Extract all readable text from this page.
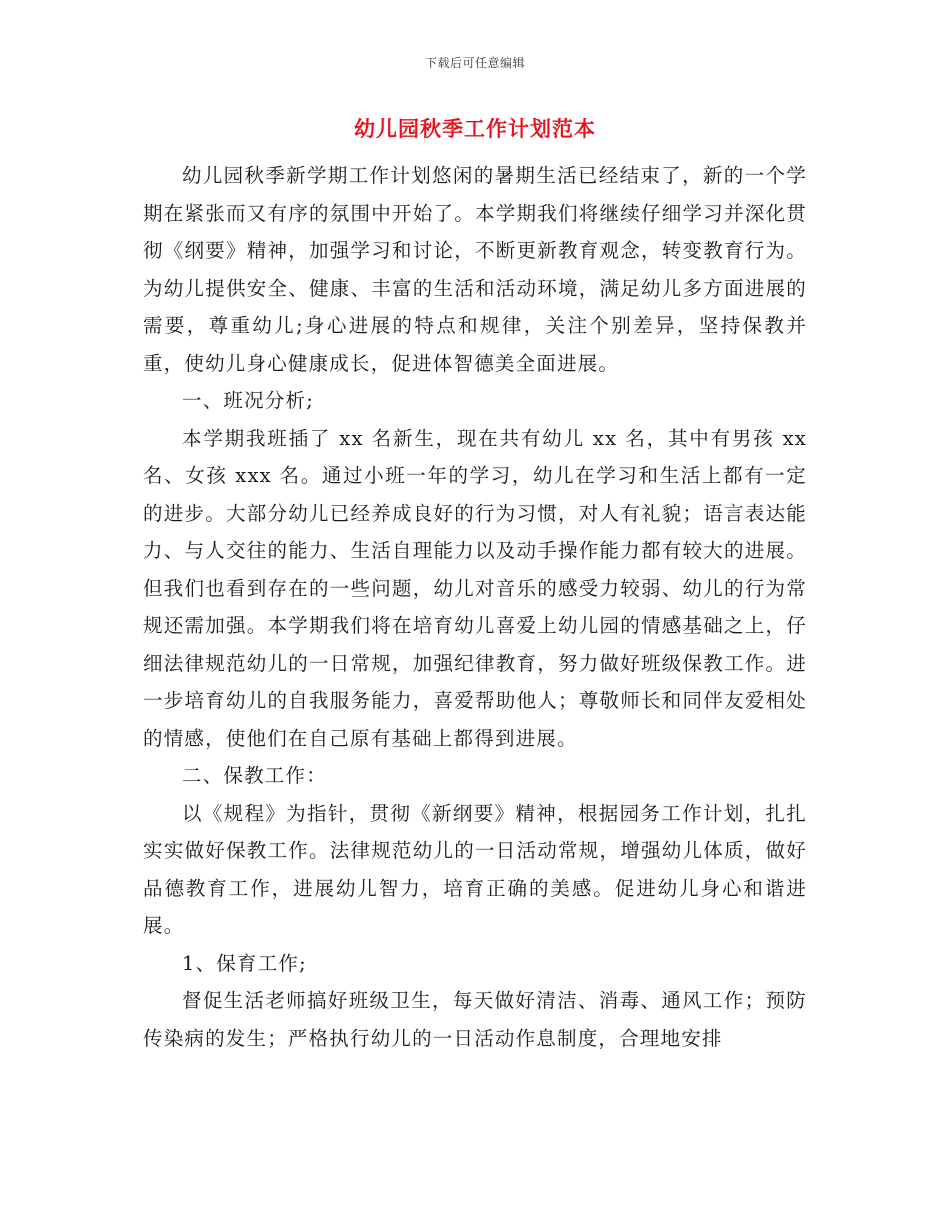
下载后可任意编辑
幼儿园秋季工作计划范本

幼儿园秋季新学期工作计划悠闲的暑期生活已经结束了，新的一个学期在紧张而又有序的氛围中开始了。本学期我们将继续仔细学习并深化贯彻《纲要》精神，加强学习和讨论，不断更新教育观念，转变教育行为。为幼儿提供安全、健康、丰富的生活和活动环境，满足幼儿多方面进展的需要，尊重幼儿;身心进展的特点和规律，关注个别差异，坚持保教并重，使幼儿身心健康成长，促进体智德美全面进展。

一、班况分析;

本学期我班插了 xx 名新生，现在共有幼儿 xx 名，其中有男孩 xx 名、女孩 xxx 名。通过小班一年的学习，幼儿在学习和生活上都有一定的进步。大部分幼儿已经养成良好的行为习惯，对人有礼貌；语言表达能力、与人交往的能力、生活自理能力以及动手操作能力都有较大的进展。但我们也看到存在的一些问题，幼儿对音乐的感受力较弱、幼儿的行为常规还需加强。本学期我们将在培育幼儿喜爱上幼儿园的情感基础之上，仔细法律规范幼儿的一日常规，加强纪律教育，努力做好班级保教工作。进一步培育幼儿的自我服务能力，喜爱帮助他人；尊敬师长和同伴友爱相处的情感，使他们在自己原有基础上都得到进展。

二、保教工作：

以《规程》为指针，贯彻《新纲要》精神，根据园务工作计划，扎扎实实做好保教工作。法律规范幼儿的一日活动常规，增强幼儿体质，做好品德教育工作，进展幼儿智力，培育正确的美感。促进幼儿身心和谐进展。

1、保育工作;

督促生活老师搞好班级卫生，每天做好清洁、消毒、通风工作；预防传染病的发生；严格执行幼儿的一日活动作息制度，合理地安排
